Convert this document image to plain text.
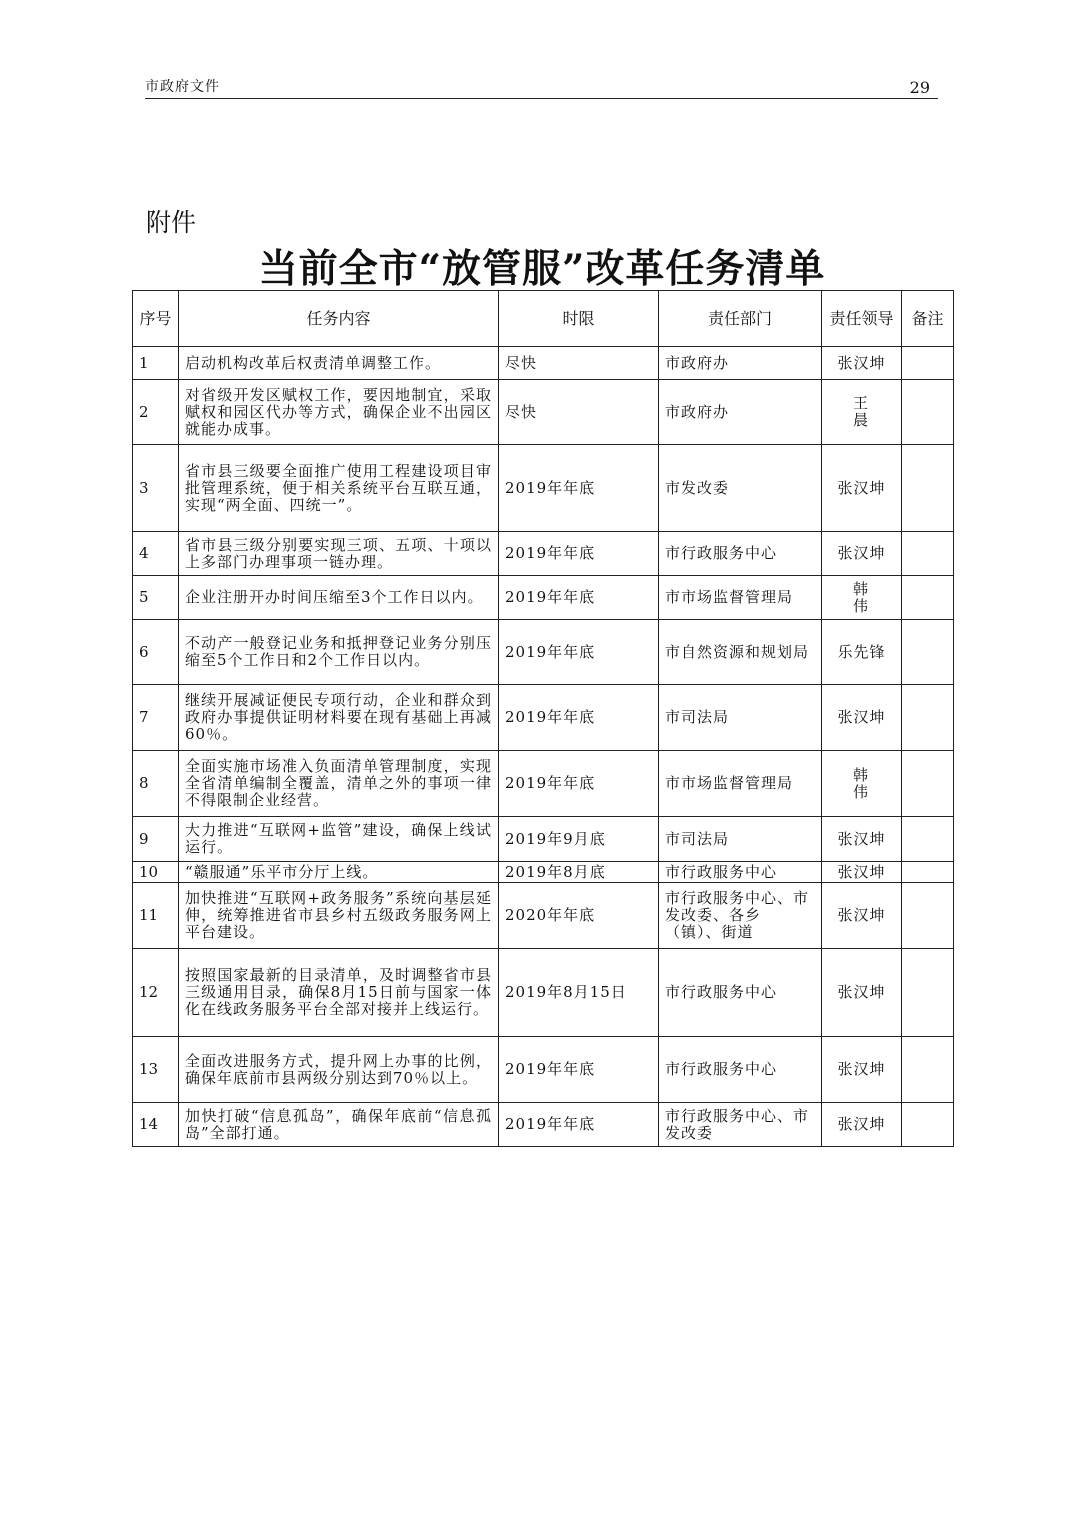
市政府文件	29
附件
当前全市“放管服”改革任务清单
序号	任务内容	时限	责任部门	责任领导	备注
1	启动机构改革后权责清单调整工作。	尽快	市政府办	张汉坤	
2	对省级开发区赋权工作，要因地制宜，采取赋权和园区代办等方式，确保企业不出园区就能办成事。	尽快	市政府办	王晨	
3	省市县三级要全面推广使用工程建设项目审批管理系统，便于相关系统平台互联互通，实现“两全面、四统一”。	2019年年底	市发改委	张汉坤	
4	省市县三级分别要实现三项、五项、十项以上多部门办理事项一链办理。	2019年年底	市行政服务中心	张汉坤	
5	企业注册开办时间压缩至3个工作日以内。	2019年年底	市市场监督管理局	韩伟	
6	不动产一般登记业务和抵押登记业务分别压缩至5个工作日和2个工作日以内。	2019年年底	市自然资源和规划局	乐先锋	
7	继续开展减证便民专项行动，企业和群众到政府办事提供证明材料要在现有基础上再减60％。	2019年年底	市司法局	张汉坤	
8	全面实施市场准入负面清单管理制度，实现全省清单编制全覆盖，清单之外的事项一律不得限制企业经营。	2019年年底	市市场监督管理局	韩伟	
9	大力推进“互联网+监管”建设，确保上线试运行。	2019年9月底	市司法局	张汉坤	
10	“赣服通”乐平市分厅上线。	2019年8月底	市行政服务中心	张汉坤	
11	加快推进“互联网+政务服务”系统向基层延伸，统筹推进省市县乡村五级政务服务网上平台建设。	2020年年底	市行政服务中心、市发改委、各乡（镇）、街道	张汉坤	
12	按照国家最新的目录清单，及时调整省市县三级通用目录，确保8月15日前与国家一体化在线政务服务平台全部对接并上线运行。	2019年8月15日	市行政服务中心	张汉坤	
13	全面改进服务方式，提升网上办事的比例，确保年底前市县两级分别达到70％以上。	2019年年底	市行政服务中心	张汉坤	
14	加快打破“信息孤岛”，确保年底前“信息孤岛”全部打通。	2019年年底	市行政服务中心、市发改委	张汉坤	
